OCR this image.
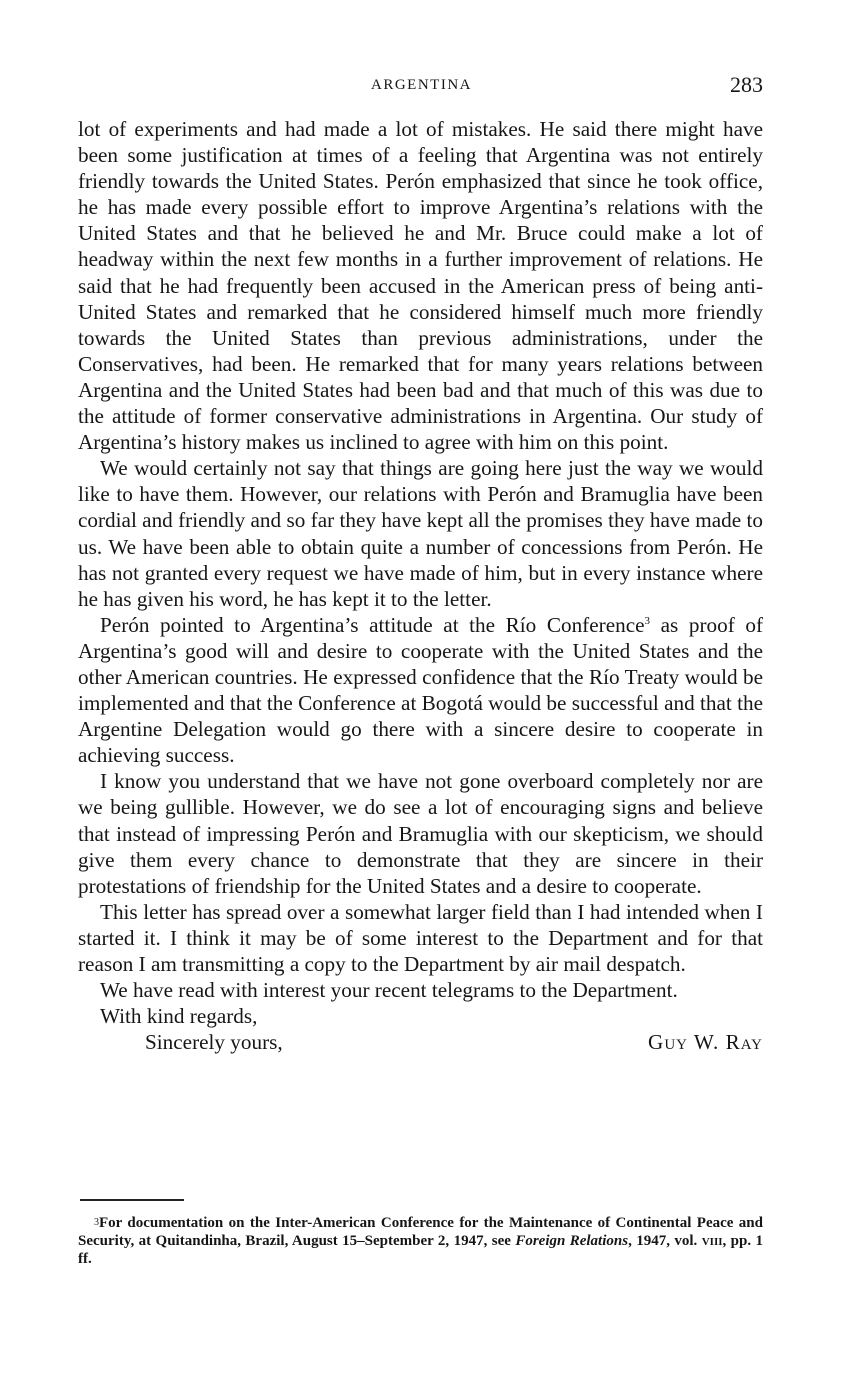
ARGENTINA	283

lot of experiments and had made a lot of mistakes. He said there might have been some justification at times of a feeling that Argentina was not entirely friendly towards the United States. Perón emphasized that since he took office, he has made every possible effort to improve Argentina’s relations with the United States and that he believed he and Mr. Bruce could make a lot of headway within the next few months in a further improvement of relations. He said that he had frequently been accused in the American press of being anti-United States and remarked that he considered himself much more friendly towards the United States than previous administrations, under the Conservatives, had been. He remarked that for many years relations between Argentina and the United States had been bad and that much of this was due to the attitude of former conservative administrations in Argentina. Our study of Argentina’s history makes us inclined to agree with him on this point.

We would certainly not say that things are going here just the way we would like to have them. However, our relations with Perón and Bramuglia have been cordial and friendly and so far they have kept all the promises they have made to us. We have been able to obtain quite a number of concessions from Perón. He has not granted every request we have made of him, but in every instance where he has given his word, he has kept it to the letter.

Perón pointed to Argentina’s attitude at the Río Conference$^3$ as proof of Argentina’s good will and desire to cooperate with the United States and the other American countries. He expressed confidence that the Río Treaty would be implemented and that the Conference at Bogotá would be successful and that the Argentine Delegation would go there with a sincere desire to cooperate in achieving success.

I know you understand that we have not gone overboard completely nor are we being gullible. However, we do see a lot of encouraging signs and believe that instead of impressing Perón and Bramuglia with our skepticism, we should give them every chance to demonstrate that they are sincere in their protestations of friendship for the United States and a desire to cooperate.

This letter has spread over a somewhat larger field than I had intended when I started it. I think it may be of some interest to the Department and for that reason I am transmitting a copy to the Department by air mail despatch.

We have read with interest your recent telegrams to the Department.

With kind regards,
Sincerely yours,	Guy W. Ray
$^3$For documentation on the Inter-American Conference for the Maintenance of Continental Peace and Security, at Quitandinha, Brazil, August 15–September 2, 1947, see Foreign Relations, 1947, vol. viii, pp. 1 ff.
